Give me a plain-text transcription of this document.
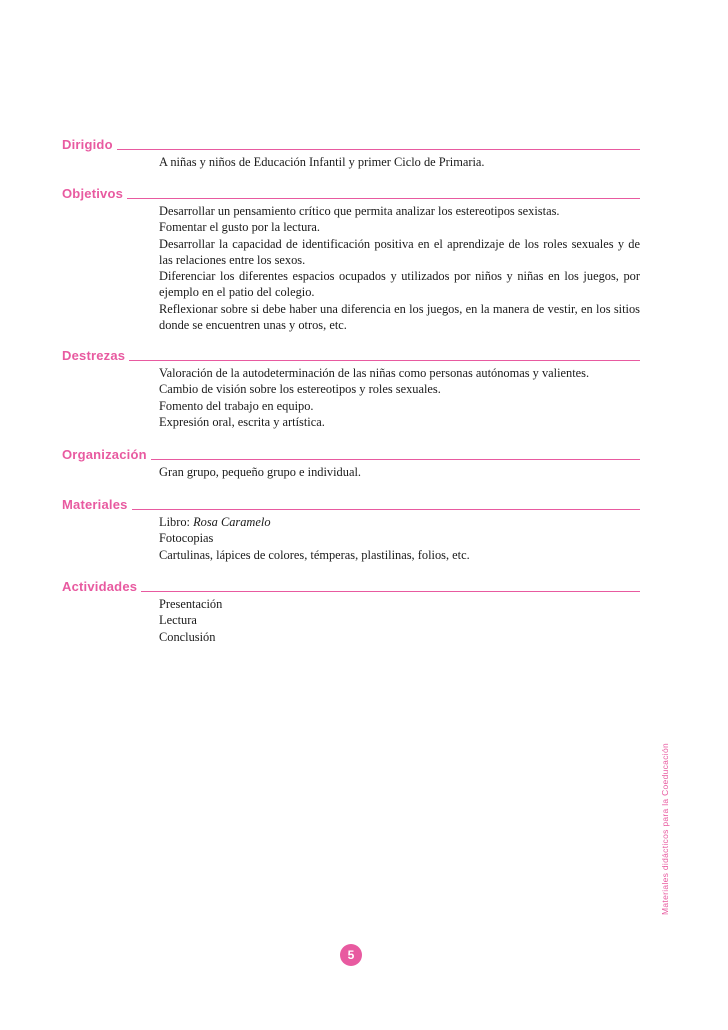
Dirigido

A niñas y niños de Educación Infantil y primer Ciclo de Primaria.

Objetivos

Desarrollar un pensamiento crítico que permita analizar los estereotipos sexistas.

Fomentar el gusto por la lectura.

Desarrollar la capacidad de identificación positiva en el aprendizaje de los roles sexuales y de las relaciones entre los sexos.

Diferenciar los diferentes espacios ocupados y utilizados por niños y niñas en los juegos, por ejemplo en el patio del colegio.

Reflexionar sobre si debe haber una diferencia en los juegos, en la manera de vestir, en los sitios donde se encuentren unas y otros, etc.

Destrezas

Valoración de la autodeterminación de las niñas como personas autónomas y valientes.

Cambio de visión sobre los estereotipos y roles sexuales.

Fomento del trabajo en equipo.

Expresión oral, escrita y artística.

Organización

Gran grupo, pequeño grupo e individual.

Materiales

Libro: Rosa Caramelo

Fotocopias

Cartulinas, lápices de colores, témperas, plastilinas, folios, etc.

Actividades

Presentación

Lectura

Conclusión

Materiales didácticos para la Coeducación
5
